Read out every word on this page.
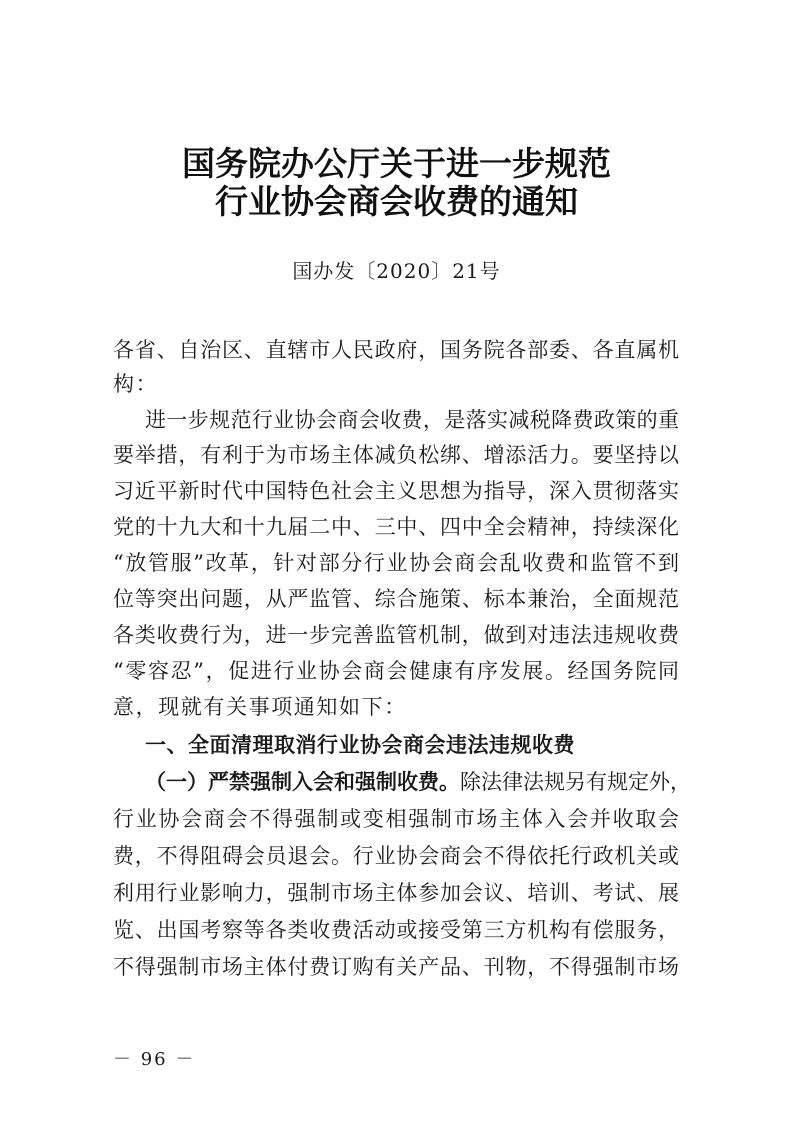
国务院办公厅关于进一步规范
行业协会商会收费的通知
国办发〔2020〕21号
各省、自治区、直辖市人民政府，国务院各部委、各直属机
构：
进一步规范行业协会商会收费，是落实减税降费政策的重
要举措，有利于为市场主体减负松绑、增添活力。要坚持以
习近平新时代中国特色社会主义思想为指导，深入贯彻落实
党的十九大和十九届二中、三中、四中全会精神，持续深化
“放管服”改革，针对部分行业协会商会乱收费和监管不到
位等突出问题，从严监管、综合施策、标本兼治，全面规范
各类收费行为，进一步完善监管机制，做到对违法违规收费
“零容忍”，促进行业协会商会健康有序发展。经国务院同
意，现就有关事项通知如下：
一、全面清理取消行业协会商会违法违规收费
（一）严禁强制入会和强制收费。除法律法规另有规定外，
行业协会商会不得强制或变相强制市场主体入会并收取会
费，不得阻碍会员退会。行业协会商会不得依托行政机关或
利用行业影响力，强制市场主体参加会议、培训、考试、展
览、出国考察等各类收费活动或接受第三方机构有偿服务，
不得强制市场主体付费订购有关产品、刊物，不得强制市场
－ 96 －
